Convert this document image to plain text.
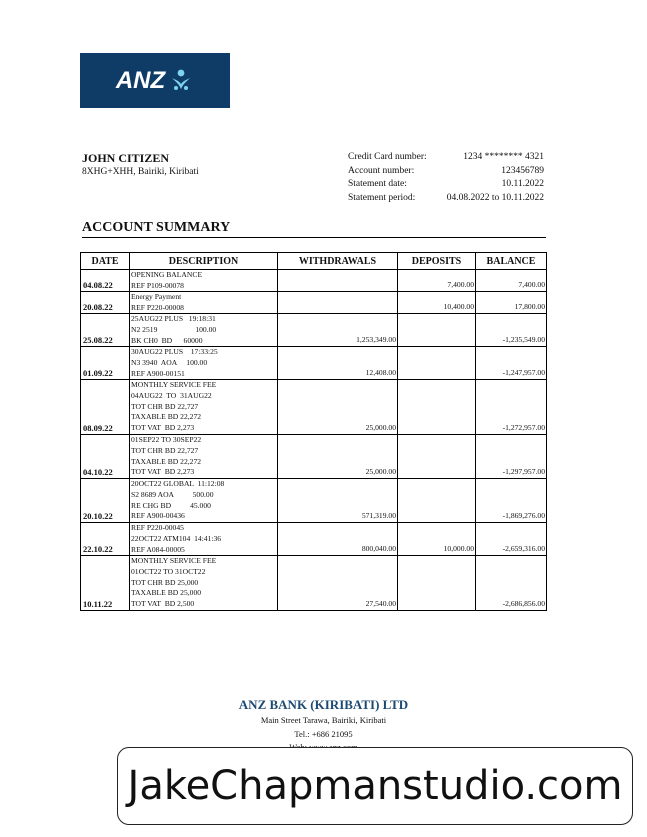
ANZ
JOHN CITIZEN
8XHG+XHH, Bairiki, Kiribati
Credit Card number:	1234 ******** 4321
Account number:	123456789
Statement date:	10.11.2022
Statement period:	04.08.2022 to 10.11.2022
ACCOUNT SUMMARY
DATE	DESCRIPTION	WITHDRAWALS	DEPOSITS	BALANCE
04.08.22	OPENING BALANCE
REF P109-00078		7,400.00	7,400.00
20.08.22	Energy Payment
REF P220-00008		10,400.00	17,800.00
25.08.22	25AUG22 PLUS   19:18:31
N2 2519                    100.00
BK CH0  BD      60000	1,253,349.00		-1,235,549.00
01.09.22	30AUG22 PLUS    17:33:25
N3 3940  AOA     100.00
REF A900-00151	12,408.00		-1,247,957.00
08.09.22	MONTHLY SERVICE FEE
04AUG22  TO  31AUG22
TOT CHR BD 22,727
TAXABLE BD 22,272
TOT VAT  BD 2,273	25,000.00		-1,272,957.00
04.10.22	01SEP22 TO 30SEP22
TOT CHR BD 22,727
TAXABLE BD 22,272
TOT VAT  BD 2,273	25,000.00		-1,297,957.00
20.10.22	20OCT22 GLOBAL  11:12:08
S2 8689 AOA          500.00
RE CHG BD          45.000
REF A900-00436	571,319.00		-1,869,276.00
22.10.22	REF P220-00045
22OCT22 ATM104  14:41:36
REF A084-00005	800,040.00	10,000.00	-2,659,316.00
10.11.22	MONTHLY SERVICE FEE
01OCT22 TO 31OCT22
TOT CHR BD 25,000
TAXABLE BD 25,000
TOT VAT  BD 2,500	27,540.00		-2,686,856.00
ANZ BANK (KIRIBATI) LTD
Main Street Tarawa, Bairiki, Kiribati
Tel.: +686 21095
JakeChapmanstudio.com
